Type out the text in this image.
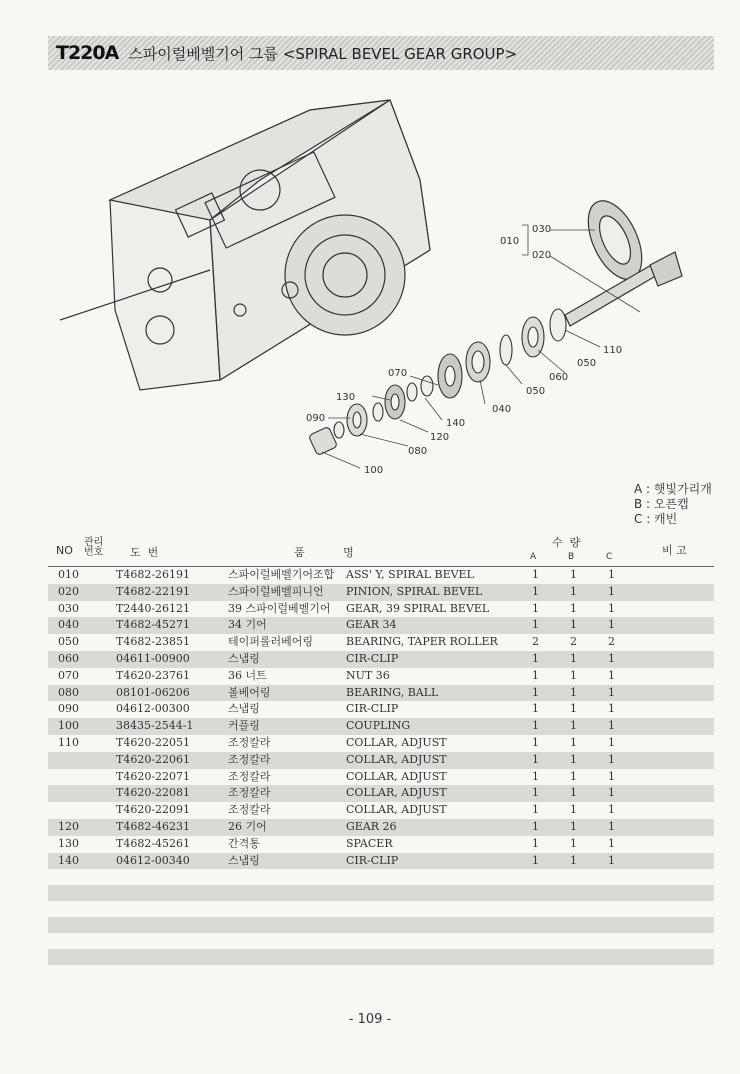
T220A 스파이럴베벨기어 그룹 <SPIRAL BEVEL GEAR GROUP>
010
030
020
110
050
060
050
040
070
140
120
130
080
090
100
A : 햇빛가리개
B : 오픈캡
C : 캐빈
NO
관리번호	도  번	품           명
수  량
A	B	C	비 고
010	T4682-26191	스파이럴베벨기어조합 ASS' Y, SPIRAL BEVEL	1	1	1
020	T4682-22191	스파이럴베벨피니언 PINION, SPIRAL BEVEL	1	1	1
030	T2440-26121	39 스파이럴베벨기어 GEAR, 39 SPIRAL BEVEL	1	1	1
040	T4682-45271	34 기어	GEAR 34	1	1	1
050	T4682-23851	테이퍼롤러베어링	BEARING, TAPER ROLLER	2	2	2
060	04611-00900	스냅링	CIR-CLIP	1	1	1
070	T4620-23761	36 너트	NUT 36	1	1	1
080	08101-06206	볼베어링	BEARING, BALL	1	1	1
090	04612-00300	스냅링	CIR-CLIP	1	1	1
100	38435-2544-1	커플링	COUPLING	1	1	1
110	T4620-22051	조정칼라	COLLAR, ADJUST	1	1	1
T4620-22061	조정칼라	COLLAR, ADJUST	1	1	1
T4620-22071	조정칼라	COLLAR, ADJUST	1	1	1
T4620-22081	조정칼라	COLLAR, ADJUST	1	1	1
T4620-22091	조정칼라	COLLAR, ADJUST	1	1	1
120	T4682-46231	26 기어	GEAR 26	1	1	1
130	T4682-45261	간격통	SPACER	1	1	1
140	04612-00340	스냅링	CIR-CLIP	1	1	1
- 109 -
